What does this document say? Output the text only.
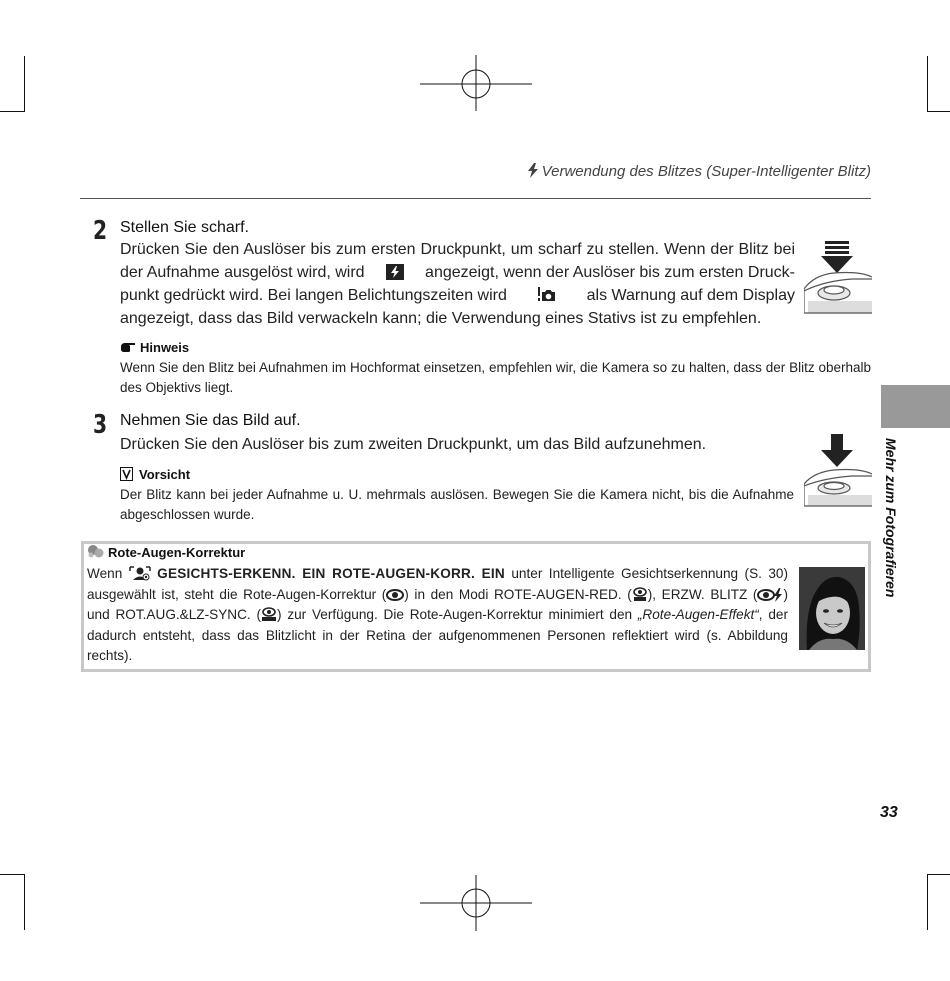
Verwendung des Blitzes (Super-Intelligenter Blitz)
2 Stellen Sie scharf.
Drücken Sie den Auslöser bis zum ersten Druckpunkt, um scharf zu stellen. Wenn der Blitz bei
der Aufnahme ausgelöst wird, wird	angezeigt, wenn der Auslöser bis zum ersten Druck-
punkt gedrückt wird. Bei langen Belichtungszeiten wird	als Warnung auf dem Display
angezeigt, dass das Bild verwackeln kann; die Verwendung eines Stativs ist zu empfehlen.
Hinweis
Wenn Sie den Blitz bei Aufnahmen im Hochformat einsetzen, empfehlen wir, die Kamera so zu halten, dass der Blitz oberhalb des Objektivs liegt.
3 Nehmen Sie das Bild auf.
Drücken Sie den Auslöser bis zum zweiten Druckpunkt, um das Bild aufzunehmen.
Vorsicht
Der Blitz kann bei jeder Aufnahme u. U. mehrmals auslösen. Bewegen Sie die Kamera nicht, bis die Aufnahme abgeschlossen wurde.	Mehr zum Fotografieren
Rote-Augen-Korrektur
Wenn	GESICHTS-ERKENN. EIN ROTE-AUGEN-KORR. EIN unter Intelligente Gesichtserkennung (S. 30) ausgewählt ist, steht die Rote-Augen-Korrektur ( ) in den Modi ROTE-AUGEN-RED. ( ), ERZW. BLITZ ( ) und ROT.AUG.&LZ-SYNC. ( ) zur Verfügung. Die Rote-Augen-Korrektur minimiert den „Rote-Augen-Effekt“, der dadurch entsteht, dass das Blitzlicht in der Retina der aufgenommenen Personen reflektiert wird (s. Abbildung rechts).
33
